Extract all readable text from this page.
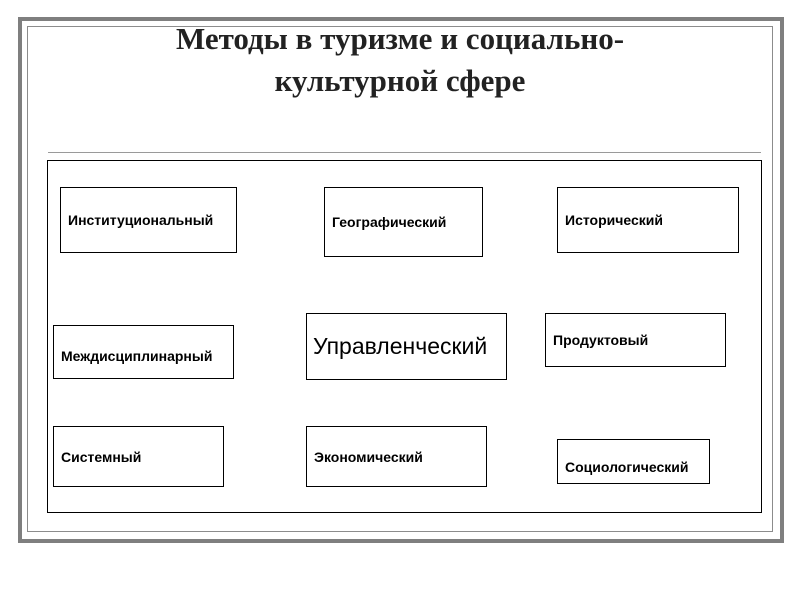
Методы в туризме и социально-
культурной сфере
Институциональный	Географический	Исторический
Междисциплинарный	Управленческий	Продуктовый
Системный	Экономический
Социологический
